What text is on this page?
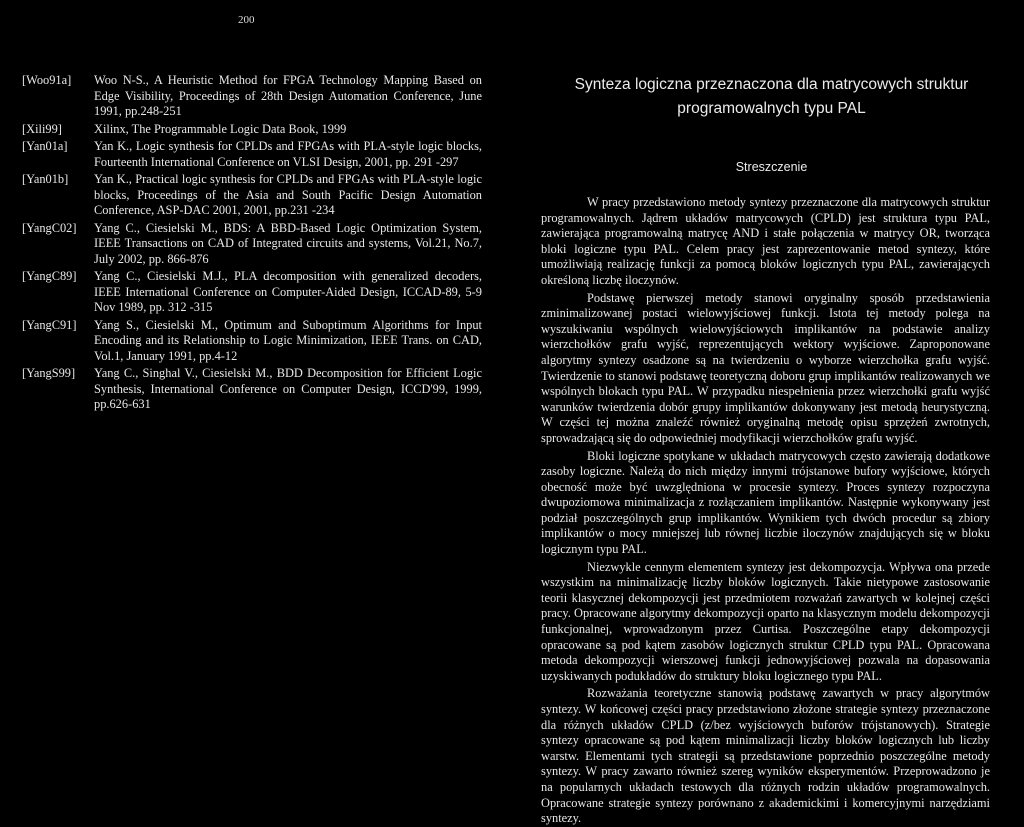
200
[Woo91a]	Woo N-S., A Heuristic Method for FPGA Technology Mapping Based on Edge Visibility, Proceedings of 28th Design Automation Conference, June 1991, pp.248-251
[Xili99]	Xilinx, The Programmable Logic Data Book, 1999
[Yan01a]	Yan K., Logic synthesis for CPLDs and FPGAs with PLA-style logic blocks, Fourteenth International Conference on VLSI Design, 2001, pp. 291 -297
[Yan01b]	Yan K., Practical logic synthesis for CPLDs and FPGAs with PLA-style logic blocks, Proceedings of the Asia and South Pacific Design Automation Conference, ASP-DAC 2001, 2001, pp.231 -234
[YangC02]	Yang C., Ciesielski M., BDS: A BBD-Based Logic Optimization System, IEEE Transactions on CAD of Integrated circuits and systems, Vol.21, No.7, July 2002, pp. 866-876
[YangC89]	Yang C., Ciesielski M.J., PLA decomposition with generalized decoders, IEEE International Conference on Computer-Aided Design, ICCAD-89, 5-9 Nov 1989, pp. 312 -315
[YangC91]	Yang S., Ciesielski M., Optimum and Suboptimum Algorithms for Input Encoding and its Relationship to Logic Minimization, IEEE Trans. on CAD, Vol.1, January 1991, pp.4-12
[YangS99]	Yang C., Singhal V., Ciesielski M., BDD Decomposition for Efficient Logic Synthesis, International Conference on Computer Design, ICCD'99, 1999, pp.626-631
Synteza logiczna przeznaczona dla matrycowych struktur programowalnych typu PAL
Streszczenie

W pracy przedstawiono metody syntezy przeznaczone dla matrycowych struktur programowalnych. Jądrem układów matrycowych (CPLD) jest struktura typu PAL, zawierająca programowalną matrycę AND i stałe połączenia w matrycy OR, tworząca bloki logiczne typu PAL. Celem pracy jest zaprezentowanie metod syntezy, które umożliwiają realizację funkcji za pomocą bloków logicznych typu PAL, zawierających określoną liczbę iloczynów.

Podstawę pierwszej metody stanowi oryginalny sposób przedstawienia zminimalizowanej postaci wielowyjściowej funkcji. Istota tej metody polega na wyszukiwaniu wspólnych wielowyjściowych implikantów na podstawie analizy wierzchołków grafu wyjść, reprezentujących wektory wyjściowe. Zaproponowane algorytmy syntezy osadzone są na twierdzeniu o wyborze wierzchołka grafu wyjść. Twierdzenie to stanowi podstawę teoretyczną doboru grup implikantów realizowanych we wspólnych blokach typu PAL. W przypadku niespełnienia przez wierzchołki grafu wyjść warunków twierdzenia dobór grupy implikantów dokonywany jest metodą heurystyczną. W części tej można znaleźć również oryginalną metodę opisu sprzężeń zwrotnych, sprowadzającą się do odpowiedniej modyfikacji wierzchołków grafu wyjść.

Bloki logiczne spotykane w układach matrycowych często zawierają dodatkowe zasoby logiczne. Należą do nich między innymi trójstanowe bufory wyjściowe, których obecność może być uwzględniona w procesie syntezy. Proces syntezy rozpoczyna dwupoziomowa minimalizacja z rozłączaniem implikantów. Następnie wykonywany jest podział poszczególnych grup implikantów. Wynikiem tych dwóch procedur są zbiory implikantów o mocy mniejszej lub równej liczbie iloczynów znajdujących się w bloku logicznym typu PAL.

Niezwykle cennym elementem syntezy jest dekompozycja. Wpływa ona przede wszystkim na minimalizację liczby bloków logicznych. Takie nietypowe zastosowanie teorii klasycznej dekompozycji jest przedmiotem rozważań zawartych w kolejnej części pracy. Opracowane algorytmy dekompozycji oparto na klasycznym modelu dekompozycji funkcjonalnej, wprowadzonym przez Curtisa. Poszczególne etapy dekompozycji opracowane są pod kątem zasobów logicznych struktur CPLD typu PAL. Opracowana metoda dekompozycji wierszowej funkcji jednowyjściowej pozwala na dopasowania uzyskiwanych podukładów do struktury bloku logicznego typu PAL.

Rozważania teoretyczne stanowią podstawę zawartych w pracy algorytmów syntezy. W końcowej części pracy przedstawiono złożone strategie syntezy przeznaczone dla różnych układów CPLD (z/bez wyjściowych buforów trójstanowych). Strategie syntezy opracowane są pod kątem minimalizacji liczby bloków logicznych lub liczby warstw. Elementami tych strategii są przedstawione poprzednio poszczególne metody syntezy. W pracy zawarto również szereg wyników eksperymentów. Przeprowadzono je na popularnych układach testowych dla różnych rodzin układów programowalnych. Opracowane strategie syntezy porównano z akademickimi i komercyjnymi narzędziami syntezy.
